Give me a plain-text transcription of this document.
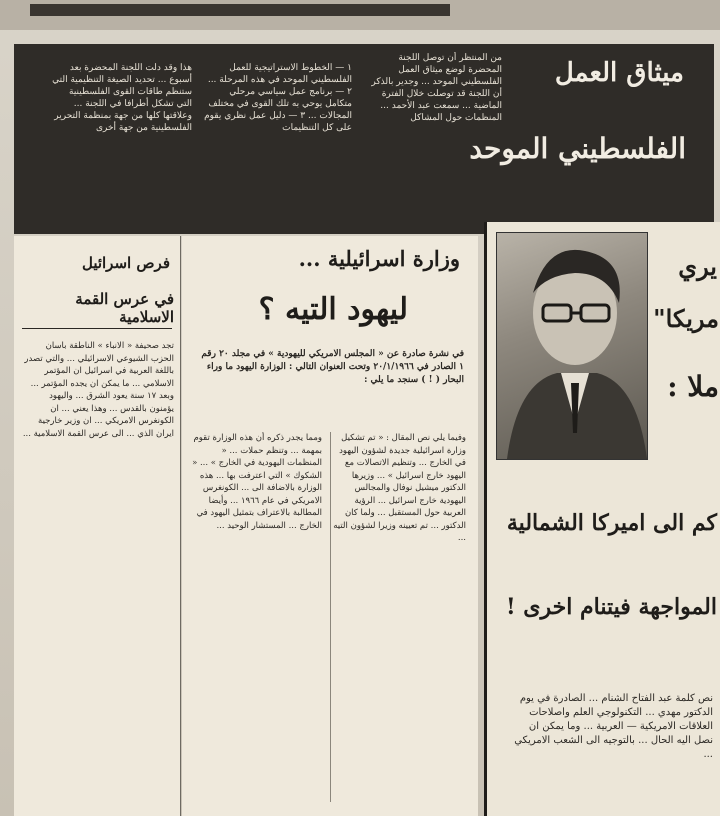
ميثاق العمل
الفلسطيني الموحد
من المنتظر أن توصل اللجنة المحضرة لوضع ميثاق العمل الفلسطيني الموحد ... وجدير بالذكر أن اللجنة قد توصلت خلال الفترة الماضية ... سمعت عبد الأحمد ... المنظمات حول المشاكل
١ — الخطوط الاستراتيجية للعمل الفلسطيني الموحد في هذه المرحلة ... ٢ — برنامج عمل سياسي مرحلي متكامل يوحي به تلك القوى في مختلف المجالات ... ٣ — دليل عمل نظري يقوم على كل التنظيمات
هذا وقد دلت اللجنة المحضرة بعد أسبوع ... تحديد الصيغة التنظيمية التي ستنظم طاقات القوى الفلسطينية التي تشكل أطرافا في اللجنة ... وعلاقتها كلها من جهة بمنظمة التحرير الفلسطينية من جهة أخرى
فرص اسرائيل
في عرس القمة الاسلامية
تجد صحيفة « الانباء » الناطقة باسان الحزب الشيوعي الاسرائيلي ... والتي تصدر باللغة العربية في اسرائيل ان المؤتمر الاسلامي ... ما يمكن ان يجده المؤتمر ... وبعد ١٧ سنة يعود الشرق ... واليهود يؤمنون بالقدس ... وهذا يعني ... ان الكونغرس الامريكي ... ان وزير خارجية ايران الذي ... الى عرس القمة الاسلامية ...
وزارة اسرائيلية ...
ليهود التيه ؟
في نشرة صادرة عن « المجلس الامريكي لليهودية » في مجلد ٢٠ رقم ١ الصادر في ٢٠/١/١٩٦٦ وتحت العنوان التالي : الوزارة اليهود ما وراء البحار ( ! ) سنجد ما يلي :
وفيما يلي نص المقال : « تم تشكيل وزارة اسرائيلية جديدة لشؤون اليهود في الخارج ... وتنظيم الاتصالات مع اليهود خارج اسرائيل » ... وزيرها الدكتور ميشيل نوفال والمجالس اليهودية خارج اسرائيل ... الرؤية العربية حول المستقبل ... ولما كان الدكتور ... تم تعيينه وزيرا لشؤون التيه ...
ومما يجدر ذكره أن هذه الوزارة تقوم بمهمة ... وتنظم حملات ... « المنظمات اليهودية في الخارج » ... « الشكوك » التي اعترفت بها ... هذه الوزارة بالاضافة الى ... الكونغرس الامريكي في عام ١٩٦٦ ... وأيضا المطالبة بالاعتراف بتمثيل اليهود في الخارج ... المستشار الوحيد ...
يري
مريكا"
ملا :
كم الى اميركا الشمالية
المواجهة فيتنام اخرى !
نص كلمة عبد الفتاح الشنام ... الصادرة في يوم الدكتور مهدي ... التكنولوجي العلم واصلاحات العلاقات الامريكية — العربية ... وما يمكن ان نصل اليه الحال ... بالتوجيه الى الشعب الامريكي ...
